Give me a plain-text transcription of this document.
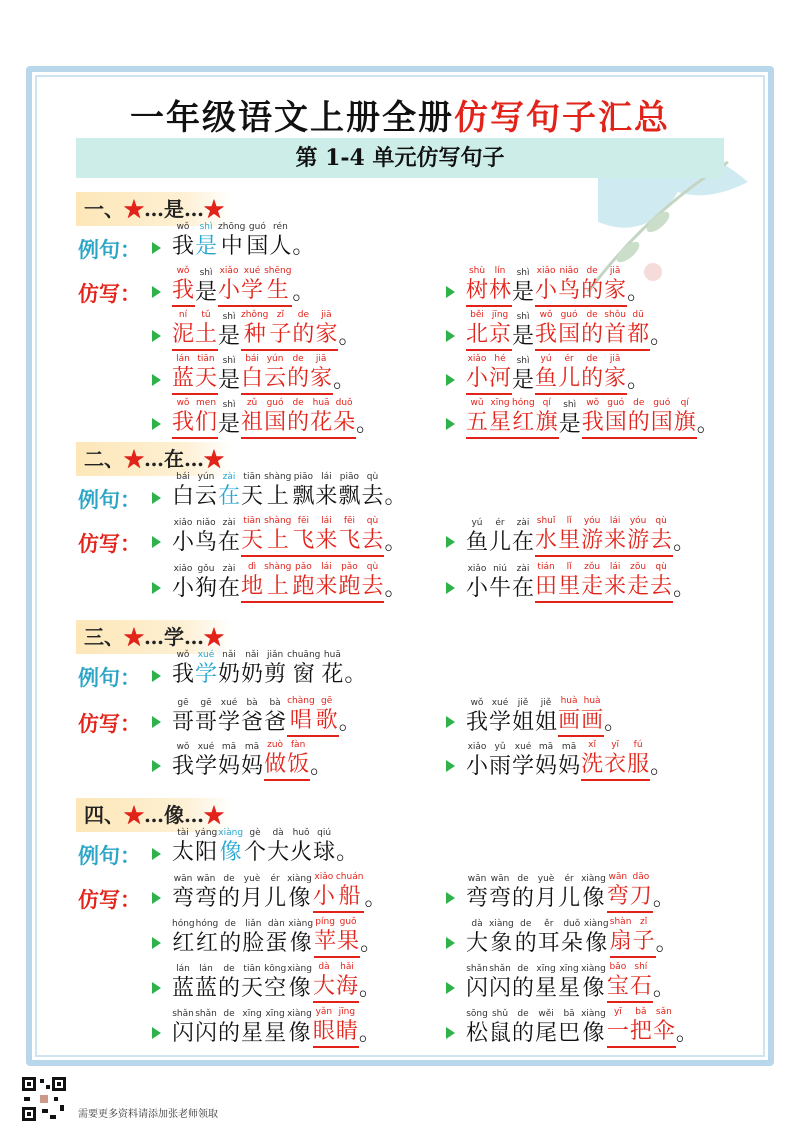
一年级语文上册全册仿写句子汇总
第 1-4 单元仿写句子
一、★…是…★
例句：
wǒ
我
shì
是
zhōng
中
guó
国
rén
人 。
仿写：
wǒ
我
shì
是
xiǎo
小
xué
学
shēng
生 。
shù
树
lín
林
shì
是
xiǎo
小
niǎo
鸟
de
的
jiā
家 。
ní
泥
tǔ
土
shì
是
zhǒng
种
zǐ
子
de
的
jiā
家 。
běi
北
jīng
京
shì
是
wǒ
我
guó
国
de
的
shǒu
首
dū
都 。
lán
蓝
tiān
天
shì
是
bái
白
yún
云
de
的
jiā
家 。
xiǎo
小
hé
河
shì
是
yú
鱼
ér
儿
de
的
jiā
家 。
wǒ
我
men
们
shì
是
zǔ
祖
guó
国
de
的
huā
花
duǒ
朵 。
wǔ
五
xīng
星
hóng
红
qí
旗
shì
是
wǒ
我
guó
国
de
的
guó
国
qí
旗 。
二、★…在…★
例句：
bái
白
yún
云
zài
在
tiān
天
shàng
上
piāo
飘
lái
来
piāo
飘
qù
去 。
仿写：
xiǎo
小
niǎo
鸟
zài
在
tiān
天
shàng
上
fēi
飞
lái
来
fēi
飞
qù
去 。
yú
鱼
ér
儿
zài
在
shuǐ
水
lǐ
里
yóu
游
lái
来
yóu
游
qù
去 。
xiǎo
小
gǒu
狗
zài
在
dì
地
shàng
上
pǎo
跑
lái
来
pǎo
跑
qù
去 。
xiǎo
小
niú
牛
zài
在
tián
田
lǐ
里
zǒu
走
lái
来
zǒu
走
qù
去 。
三、★…学…★
例句：
wǒ
我
xué
学
nǎi
奶
nǎi
奶
jiǎn
剪
chuāng
窗
huā
花 。
仿写：
gē
哥
gē
哥
xué
学
bà
爸
bà
爸
chàng
唱
gē
歌 。
wǒ
我
xué
学
jiě
姐
jiě
姐
huà
画
huà
画 。
wǒ
我
xué
学
mā
妈
mā
妈
zuò
做
fàn
饭 。
xiǎo
小
yǔ
雨
xué
学
mā
妈
mā
妈
xǐ
洗
yī
衣
fú
服 。
四、★…像…★
例句：
tài
太
yáng
阳
xiàng
像
gè
个
dà
大
huǒ
火
qiú
球 。
仿写：
wān
弯
wān
弯
de
的
yuè
月
ér
儿
xiàng
像
xiǎo
小
chuán
船 。
wān
弯
wān
弯
de
的
yuè
月
ér
儿
xiàng
像
wān
弯
dāo
刀 。
hóng
红
hóng
红
de
的
liǎn
脸
dàn
蛋
xiàng
像
píng
苹
guǒ
果 。
dà
大
xiàng
象
de
的
ěr
耳
duǒ
朵
xiàng
像
shàn
扇
zǐ
子 。
lán
蓝
lán
蓝
de
的
tiān
天
kōng
空
xiàng
像
dà
大
hǎi
海 。
shǎn
闪
shǎn
闪
de
的
xīng
星
xīng
星
xiàng
像
bǎo
宝
shí
石 。
shǎn
闪
shǎn
闪
de
的
xīng
星
xīng
星
xiàng
像
yǎn
眼
jīng
睛 。
sōng
松
shǔ
鼠
de
的
wěi
尾
bā
巴
xiàng
像
yī
一
bǎ
把
sǎn
伞 。
需要更多资料请添加张老师领取
